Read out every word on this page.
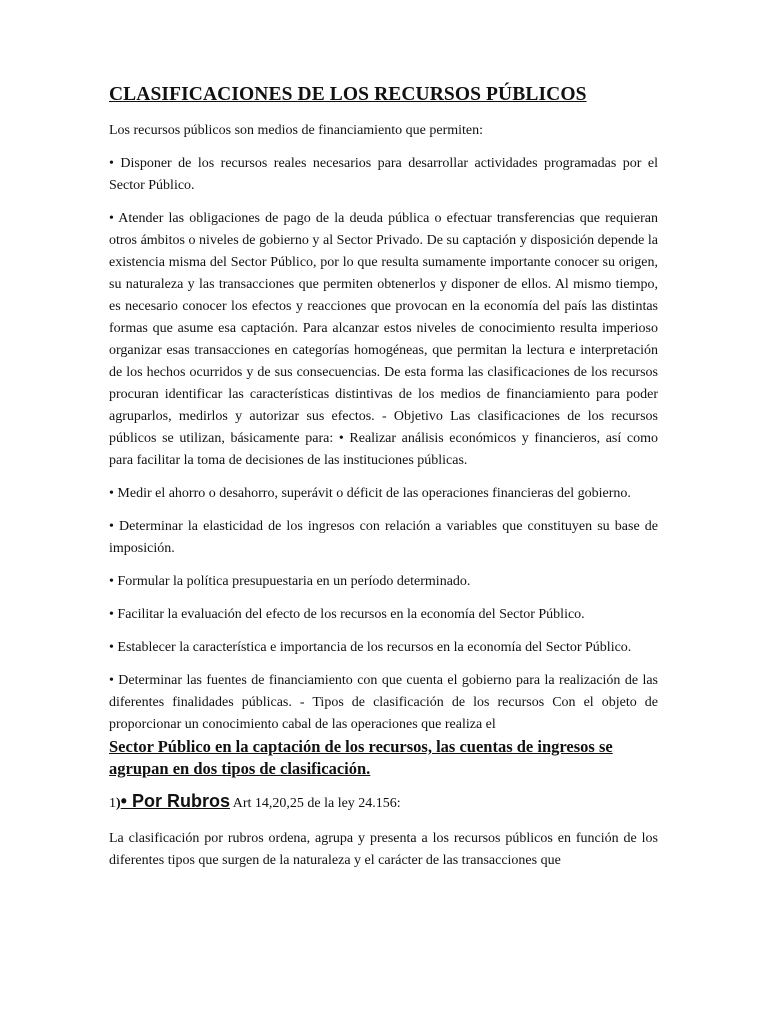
CLASIFICACIONES DE LOS RECURSOS PÚBLICOS

Los recursos públicos son medios de financiamiento que permiten:

• Disponer de los recursos reales necesarios para desarrollar actividades programadas por el Sector Público.

• Atender las obligaciones de pago de la deuda pública o efectuar transferencias que requieran otros ámbitos o niveles de gobierno y al Sector Privado. De su captación y disposición depende la existencia misma del Sector Público, por lo que resulta sumamente importante conocer su origen, su naturaleza y las transacciones que permiten obtenerlos y disponer de ellos. Al mismo tiempo, es necesario conocer los efectos y reacciones que provocan en la economía del país las distintas formas que asume esa captación. Para alcanzar estos niveles de conocimiento resulta imperioso organizar esas transacciones en categorías homogéneas, que permitan la lectura e interpretación de los hechos ocurridos y de sus consecuencias. De esta forma las clasificaciones de los recursos procuran identificar las características distintivas de los medios de financiamiento para poder agruparlos, medirlos y autorizar sus efectos. - Objetivo Las clasificaciones de los recursos públicos se utilizan, básicamente para: • Realizar análisis económicos y financieros, así como para facilitar la toma de decisiones de las instituciones públicas.

• Medir el ahorro o desahorro, superávit o déficit de las operaciones financieras del gobierno.

• Determinar la elasticidad de los ingresos con relación a variables que constituyen su base de imposición.

• Formular la política presupuestaria en un período determinado.

• Facilitar la evaluación del efecto de los recursos en la economía del Sector Público.

• Establecer la característica e importancia de los recursos en la economía del Sector Público.

• Determinar las fuentes de financiamiento con que cuenta el gobierno para la realización de las diferentes finalidades públicas. - Tipos de clasificación de los recursos Con el objeto de proporcionar un conocimiento cabal de las operaciones que realiza el
Sector Público en la captación de los recursos, las cuentas de ingresos se agrupan en dos tipos de clasificación.

1)• Por Rubros Art 14,20,25 de la ley 24.156:

La clasificación por rubros ordena, agrupa y presenta a los recursos públicos en función de los diferentes tipos que surgen de la naturaleza y el carácter de las transacciones que
